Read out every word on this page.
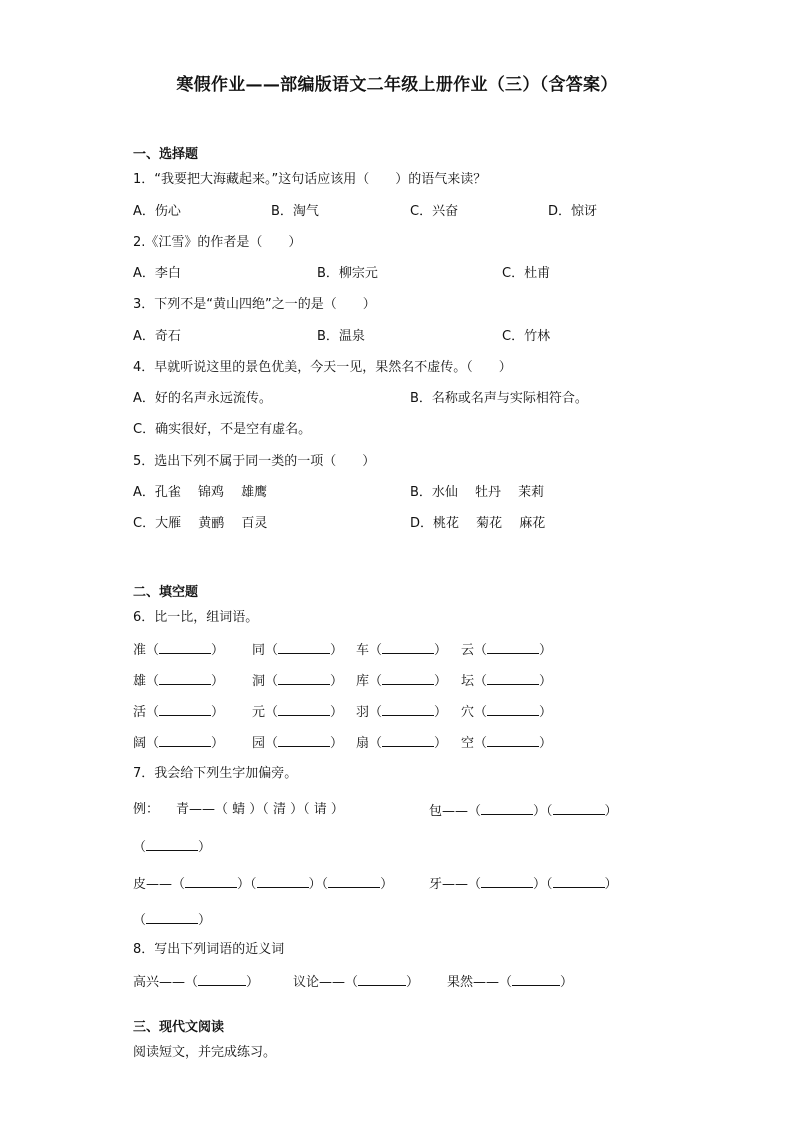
寒假作业——部编版语文二年级上册作业（三）（含答案）
一、选择题
1．“我要把大海藏起来。”这句话应该用（　　）的语气来读？
A．伤心	B．淘气	C．兴奋	D．惊讶
2.《江雪》的作者是（　　）
A．李白	B．柳宗元	C．杜甫
3．下列不是“黄山四绝”之一的是（　　）
A．奇石	B．温泉	C．竹林
4．早就听说这里的景色优美，今天一见，果然名不虚传。（　　）
A．好的名声永远流传。	B．名称或名声与实际相符合。
C．确实很好，不是空有虚名。
5．选出下列不属于同一类的一项（　　）
A．孔雀　 锦鸡　 雄鹰	B．水仙　 牡丹　 茉莉
C．大雁　 黄鹂　 百灵	D．桃花　 菊花　 麻花
二、填空题
6．比一比，组词语。
准（	） 同（	） 车（	） 云（	）
雄（	） 洞（	） 库（	） 坛（	）
活（	） 元（	） 羽（	） 穴（	）
阔（	） 园（	） 扇（	） 空（	）
7．我会给下列生字加偏旁。
例： 青——（ 蜻 ）（ 清 ）（ 请 ）	包——（	）（	）
（	）
皮——（	）（	）（	）	牙——（	）（	）
（	）
8．写出下列词语的近义词
高兴——（	）	议论——（	） 果然——（	）
三、现代文阅读
阅读短文，并完成练习。
